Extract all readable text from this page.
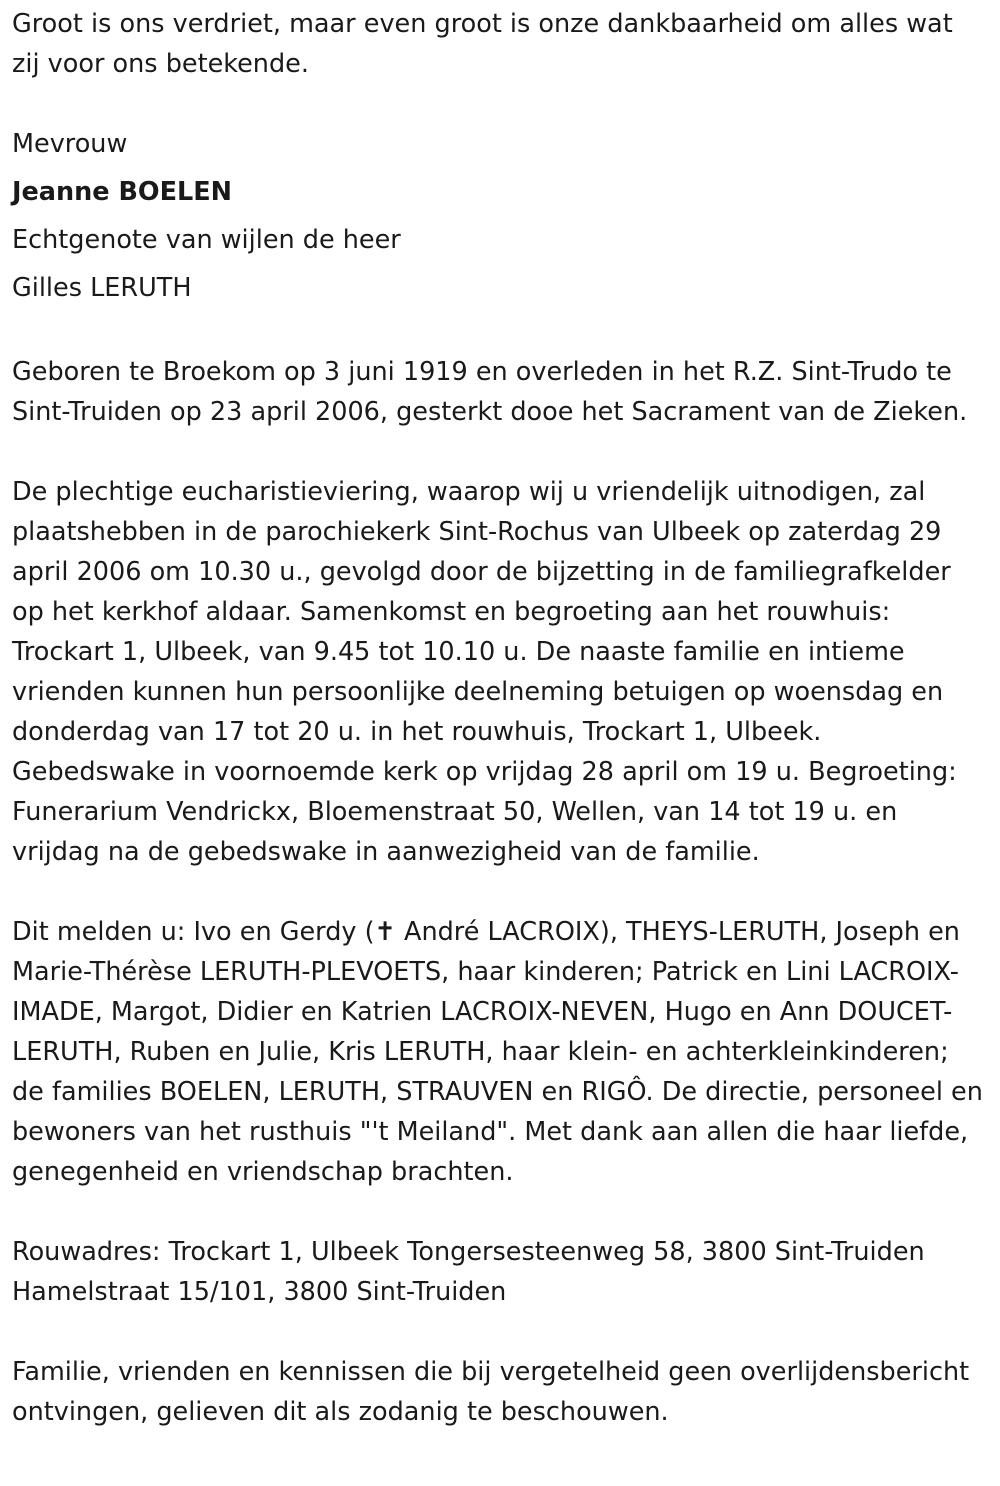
Groot is ons verdriet, maar even groot is onze dankbaarheid om alles wat zij voor ons betekende.

Mevrouw

Jeanne BOELEN

Echtgenote van wijlen de heer

Gilles LERUTH

Geboren te Broekom op 3 juni 1919 en overleden in het R.Z. Sint-Trudo te Sint-Truiden op 23 april 2006, gesterkt dooe het Sacrament van de Zieken.

De plechtige eucharistieviering, waarop wij u vriendelijk uitnodigen, zal plaatshebben in de parochiekerk Sint-Rochus van Ulbeek op zaterdag 29 april 2006 om 10.30 u., gevolgd door de bijzetting in de familiegrafkelder op het kerkhof aldaar. Samenkomst en begroeting aan het rouwhuis: Trockart 1, Ulbeek, van 9.45 tot 10.10 u. De naaste familie en intieme vrienden kunnen hun persoonlijke deelneming betuigen op woensdag en donderdag van 17 tot 20 u. in het rouwhuis, Trockart 1, Ulbeek. Gebedswake in voornoemde kerk op vrijdag 28 april om 19 u. Begroeting: Funerarium Vendrickx, Bloemenstraat 50, Wellen, van 14 tot 19 u. en vrijdag na de gebedswake in aanwezigheid van de familie.

Dit melden u: Ivo en Gerdy (✝ André LACROIX), THEYS-LERUTH, Joseph en Marie-Thérèse LERUTH-PLEVOETS, haar kinderen; Patrick en Lini LACROIX-IMADE, Margot, Didier en Katrien LACROIX-NEVEN, Hugo en Ann DOUCET-LERUTH, Ruben en Julie, Kris LERUTH, haar klein- en achterkleinkinderen; de families BOELEN, LERUTH, STRAUVEN en RIGÔ. De directie, personeel en bewoners van het rusthuis "'t Meiland". Met dank aan allen die haar liefde, genegenheid en vriendschap brachten.

Rouwadres: Trockart 1, Ulbeek Tongersesteenweg 58, 3800 Sint-Truiden Hamelstraat 15/101, 3800 Sint-Truiden

Familie, vrienden en kennissen die bij vergetelheid geen overlijdensbericht ontvingen, gelieven dit als zodanig te beschouwen.
